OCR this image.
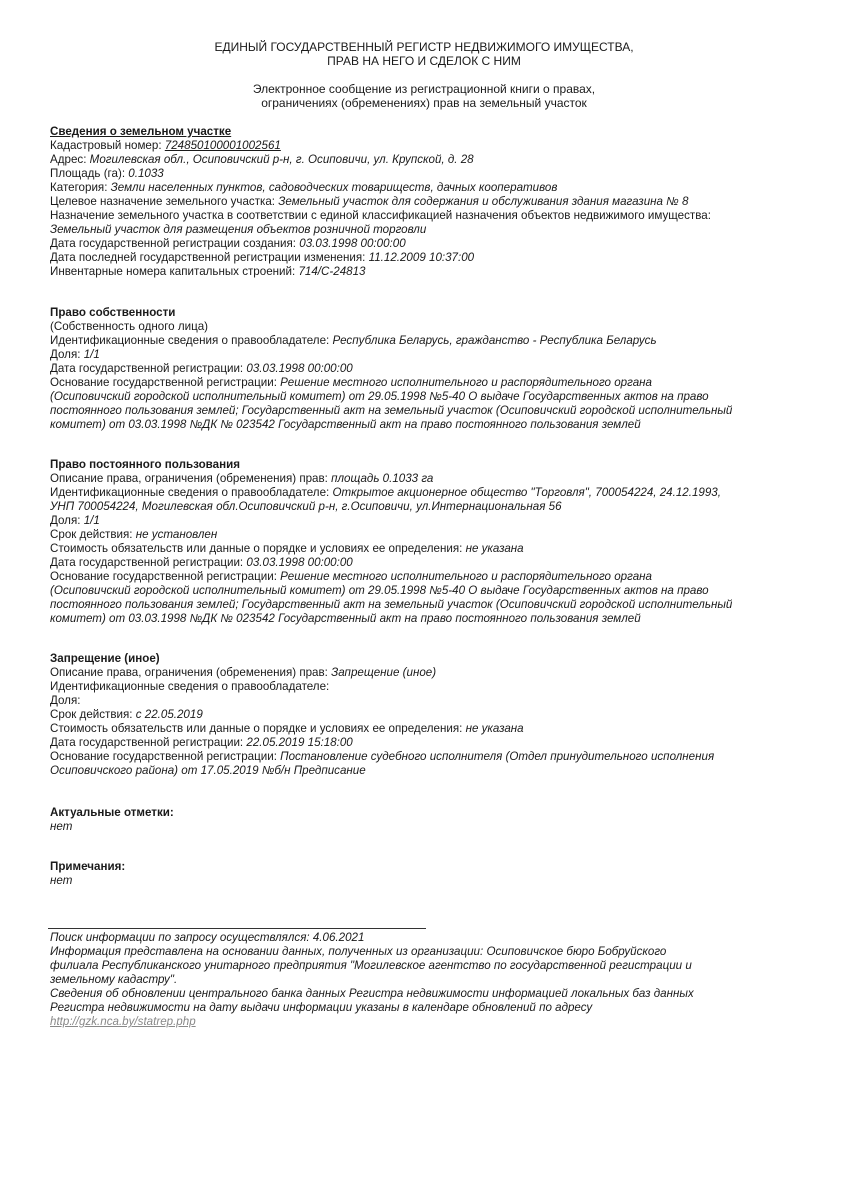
ЕДИНЫЙ ГОСУДАРСТВЕННЫЙ РЕГИСТР НЕДВИЖИМОГО ИМУЩЕСТВА,
ПРАВ НА НЕГО И СДЕЛОК С НИМ
Электронное сообщение из регистрационной книги о правах,
ограничениях (обременениях) прав на земельный участок
Сведения о земельном участке
Кадастровый номер: 724850100001002561
Адрес: Могилевская обл., Осиповичский р-н, г. Осиповичи, ул. Крупской, д. 28
Площадь (га): 0.1033
Категория: Земли населенных пунктов, садоводческих товариществ, дачных кооперативов
Целевое назначение земельного участка: Земельный участок для содержания и обслуживания здания магазина № 8
Назначение земельного участка в соответствии с единой классификацией назначения объектов недвижимого имущества:
Земельный участок для размещения объектов розничной торговли
Дата государственной регистрации создания: 03.03.1998 00:00:00
Дата последней государственной регистрации изменения: 11.12.2009 10:37:00
Инвентарные номера капитальных строений: 714/С-24813
Право собственности
(Собственность одного лица)
Идентификационные сведения о правообладателе: Республика Беларусь, гражданство - Республика Беларусь
Доля: 1/1
Дата государственной регистрации: 03.03.1998 00:00:00
Основание государственной регистрации: Решение местного исполнительного и распорядительного органа
(Осиповичский городской исполнительный комитет) от 29.05.1998 №5-40 О выдаче Государственных актов на право
постоянного пользования землей; Государственный акт на земельный участок (Осиповичский городской исполнительный
комитет) от 03.03.1998 №ДК № 023542 Государственный акт на право постоянного пользования землей
Право постоянного пользования
Описание права, ограничения (обременения) прав: площадь 0.1033 га
Идентификационные сведения о правообладателе: Открытое акционерное общество "Торговля", 700054224, 24.12.1993,
УНП 700054224, Могилевская обл.Осиповичский р-н, г.Осиповичи, ул.Интернациональная 56
Доля: 1/1
Срок действия: не установлен
Стоимость обязательств или данные о порядке и условиях ее определения: не указана
Дата государственной регистрации: 03.03.1998 00:00:00
Основание государственной регистрации: Решение местного исполнительного и распорядительного органа
(Осиповичский городской исполнительный комитет) от 29.05.1998 №5-40 О выдаче Государственных актов на право
постоянного пользования землей; Государственный акт на земельный участок (Осиповичский городской исполнительный
комитет) от 03.03.1998 №ДК № 023542 Государственный акт на право постоянного пользования землей
Запрещение (иное)
Описание права, ограничения (обременения) прав: Запрещение (иное)
Идентификационные сведения о правообладателе:
Доля:
Срок действия: с 22.05.2019
Стоимость обязательств или данные о порядке и условиях ее определения: не указана
Дата государственной регистрации: 22.05.2019 15:18:00
Основание государственной регистрации: Постановление судебного исполнителя (Отдел принудительного исполнения
Осиповичского района) от 17.05.2019 №б/н Предписание
Актуальные отметки:
нет
Примечания:
нет
Поиск информации по запросу осуществлялся: 4.06.2021
Информация представлена на основании данных, полученных из организации: Осиповичское бюро Бобруйского
филиала Республиканского унитарного предприятия "Могилевское агентство по государственной регистрации и
земельному кадастру".
Сведения об обновлении центрального банка данных Регистра недвижимости информацией локальных баз данных
Регистра недвижимости на дату выдачи информации указаны в календаре обновлений по адресу
http://gzk.nca.by/statrep.php
